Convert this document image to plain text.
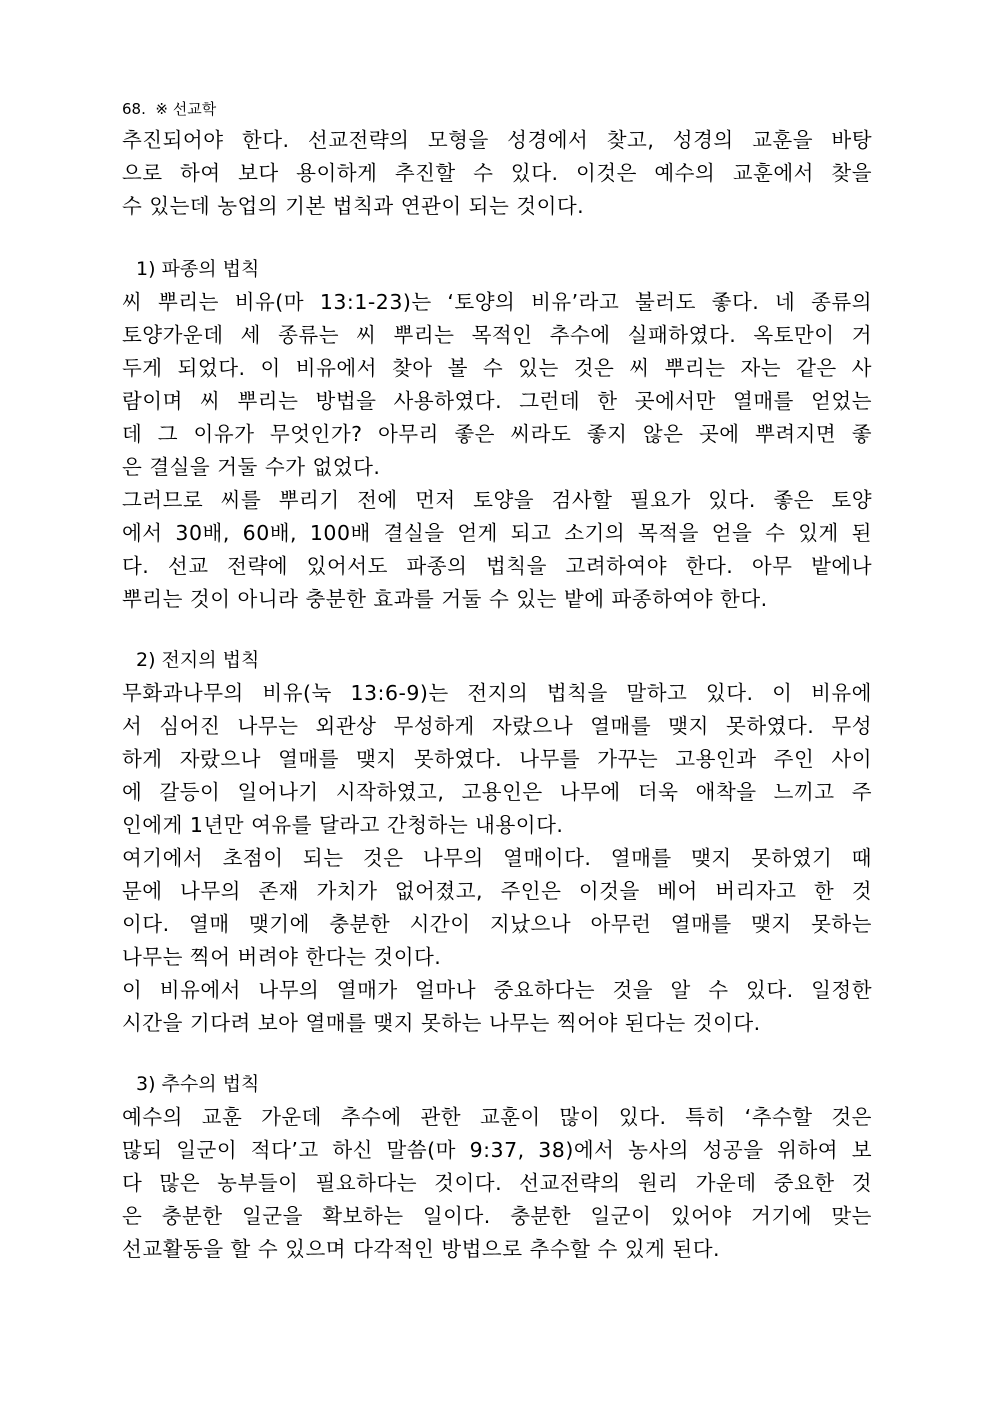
68. ※ 선교학
추진되어야 한다. 선교전략의 모형을 성경에서 찾고, 성경의 교훈을 바탕
으로 하여 보다 용이하게 추진할 수 있다. 이것은 예수의 교훈에서 찾을
수 있는데 농업의 기본 법칙과 연관이 되는 것이다.
1) 파종의 법칙
씨 뿌리는 비유(마 13:1-23)는 ‘토양의 비유’라고 불러도 좋다. 네 종류의
토양가운데 세 종류는 씨 뿌리는 목적인 추수에 실패하였다. 옥토만이 거
두게 되었다. 이 비유에서 찾아 볼 수 있는 것은 씨 뿌리는 자는 같은 사
람이며 씨 뿌리는 방법을 사용하였다. 그런데 한 곳에서만 열매를 얻었는
데 그 이유가 무엇인가? 아무리 좋은 씨라도 좋지 않은 곳에 뿌려지면 좋
은 결실을 거둘 수가 없었다.
그러므로 씨를 뿌리기 전에 먼저 토양을 검사할 필요가 있다. 좋은 토양
에서 30배, 60배, 100배 결실을 얻게 되고 소기의 목적을 얻을 수 있게 된
다. 선교 전략에 있어서도 파종의 법칙을 고려하여야 한다. 아무 밭에나
뿌리는 것이 아니라 충분한 효과를 거둘 수 있는 밭에 파종하여야 한다.
2) 전지의 법칙
무화과나무의 비유(눅 13:6-9)는 전지의 법칙을 말하고 있다. 이 비유에
서 심어진 나무는 외관상 무성하게 자랐으나 열매를 맺지 못하였다. 무성
하게 자랐으나 열매를 맺지 못하였다. 나무를 가꾸는 고용인과 주인 사이
에 갈등이 일어나기 시작하였고, 고용인은 나무에 더욱 애착을 느끼고 주
인에게 1년만 여유를 달라고 간청하는 내용이다.
여기에서 초점이 되는 것은 나무의 열매이다. 열매를 맺지 못하였기 때
문에 나무의 존재 가치가 없어졌고, 주인은 이것을 베어 버리자고 한 것
이다. 열매 맺기에 충분한 시간이 지났으나 아무런 열매를 맺지 못하는
나무는 찍어 버려야 한다는 것이다.
이 비유에서 나무의 열매가 얼마나 중요하다는 것을 알 수 있다. 일정한
시간을 기다려 보아 열매를 맺지 못하는 나무는 찍어야 된다는 것이다.
3) 추수의 법칙
예수의 교훈 가운데 추수에 관한 교훈이 많이 있다. 특히 ‘추수할 것은
많되 일군이 적다’고 하신 말씀(마 9:37, 38)에서 농사의 성공을 위하여 보
다 많은 농부들이 필요하다는 것이다. 선교전략의 원리 가운데 중요한 것
은 충분한 일군을 확보하는 일이다. 충분한 일군이 있어야 거기에 맞는
선교활동을 할 수 있으며 다각적인 방법으로 추수할 수 있게 된다.
